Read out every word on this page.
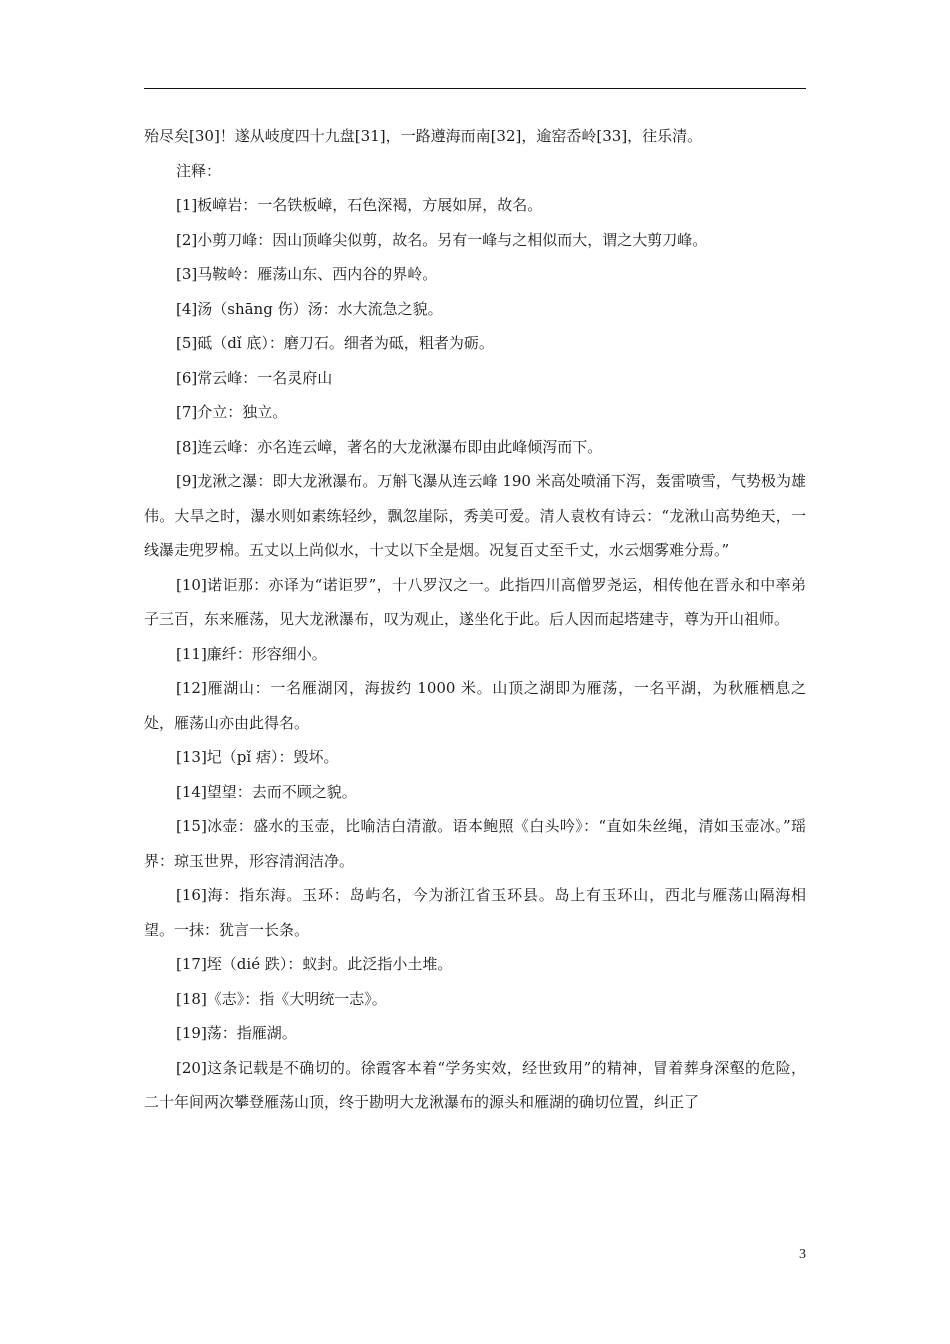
殆尽矣[30]！遂从岐度四十九盘[31]，一路遵海而南[32]，逾窑岙岭[33]，往乐清。

注释：

[1]板嶂岩：一名铁板嶂，石色深褐，方展如屏，故名。

[2]小剪刀峰：因山顶峰尖似剪，故名。另有一峰与之相似而大，谓之大剪刀峰。

[3]马鞍岭：雁荡山东、西内谷的界岭。

[4]汤（shāng 伤）汤：水大流急之貌。

[5]砥（dǐ 底）：磨刀石。细者为砥，粗者为砺。

[6]常云峰：一名灵府山

[7]介立：独立。

[8]连云峰：亦名连云嶂，著名的大龙湫瀑布即由此峰倾泻而下。

[9]龙湫之瀑：即大龙湫瀑布。万斛飞瀑从连云峰 190 米高处喷涌下泻，轰雷喷雪，气势极为雄伟。大旱之时，瀑水则如素练轻纱，飘忽崖际，秀美可爱。清人袁枚有诗云：“龙湫山高势绝天，一线瀑走兜罗棉。五丈以上尚似水，十丈以下全是烟。况复百丈至千丈，水云烟雾难分焉。”

[10]诺讵那：亦译为“诺讵罗”，十八罗汉之一。此指四川高僧罗尧运，相传他在晋永和中率弟子三百，东来雁荡，见大龙湫瀑布，叹为观止，遂坐化于此。后人因而起塔建寺，尊为开山祖师。

[11]廉纤：形容细小。

[12]雁湖山：一名雁湖冈，海拔约 1000 米。山顶之湖即为雁荡，一名平湖，为秋雁栖息之处，雁荡山亦由此得名。

[13]圮（pǐ 痞）：毁坏。

[14]望望：去而不顾之貌。

[15]冰壶：盛水的玉壶，比喻洁白清澈。语本鲍照《白头吟》：“直如朱丝绳，清如玉壶冰。”瑶界：琼玉世界，形容清润洁净。

[16]海：指东海。玉环：岛屿名，今为浙江省玉环县。岛上有玉环山，西北与雁荡山隔海相望。一抹：犹言一长条。

[17]垤（dié 跌）：蚁封。此泛指小土堆。

[18]《志》：指《大明统一志》。

[19]荡：指雁湖。

[20]这条记载是不确切的。徐霞客本着“学务实效，经世致用”的精神，冒着葬身深壑的危险，二十年间两次攀登雁荡山顶，终于勘明大龙湫瀑布的源头和雁湖的确切位置，纠正了

3
